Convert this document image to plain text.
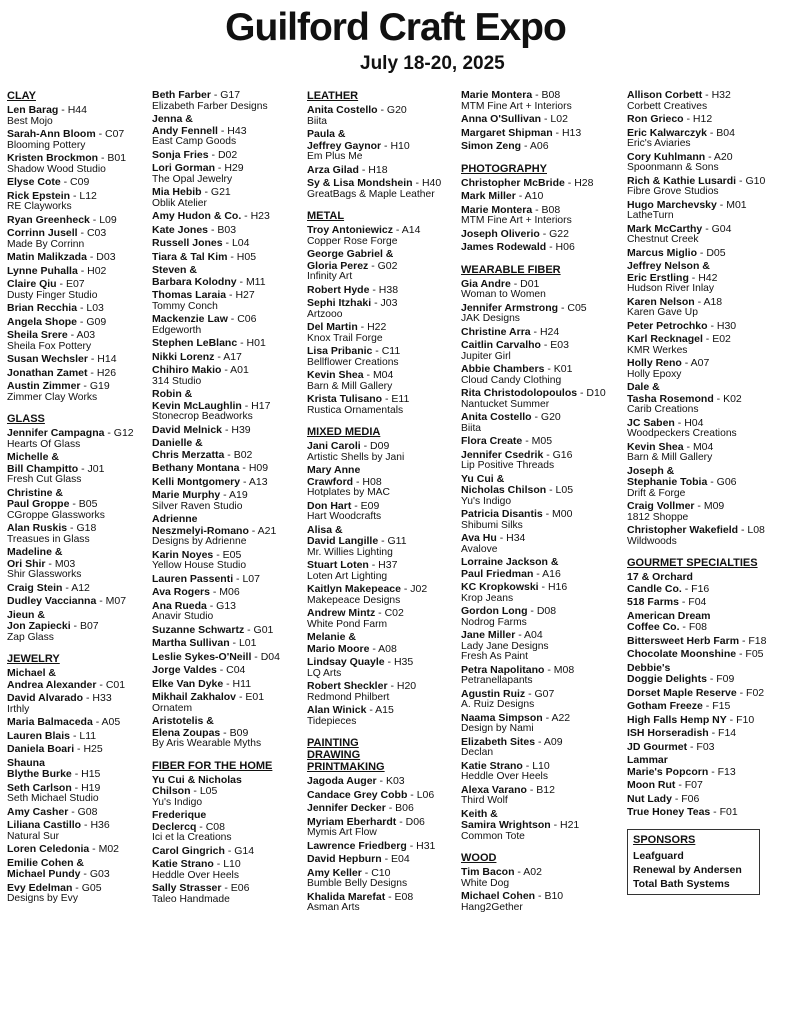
Guilford Craft Expo
July 18-20, 2025
CLAY
Len Barag - H44
Best Mojo
Sarah-Ann Bloom - C07
Blooming Pottery
Kristen Brockmon - B01
Shadow Wood Studio
Elyse Cote - C09
Rick Epstein - L12
RE Clayworks
Ryan Greenheck - L09
Corrinn Jusell - C03
Made By Corrinn
Matin Malikzada - D03
Lynne Puhalla - H02
Claire Qiu - E07
Dusty Finger Studio
Brian Recchia - L03
Angela Shope - G09
Sheila Srere - A03
Sheila Fox Pottery
Susan Wechsler - H14
Jonathan Zamet - H26
Austin Zimmer - G19
Zimmer Clay Works
GLASS
Jennifer Campagna - G12
Hearts Of Glass
Michelle &
Bill Champitto - J01
Fresh Cut Glass
Christine &
Paul Groppe - B05
CGroppe Glassworks
Alan Ruskis - G18
Treasues in Glass
Madeline &
Ori Shir - M03
Shir Glassworks
Craig Stein - A12
Dudley Vaccianna - M07
Jieun &
Jon Zapiecki - B07
Zap Glass
JEWELRY
Michael &
Andrea Alexander - C01
David Alvarado - H33
Irthly
Maria Balmaceda - A05
Lauren Blais - L11
Daniela Boari - H25
Shauna
Blythe Burke - H15
Seth Carlson - H19
Seth Michael Studio
Amy Casher - G08
Liliana Castillo - H36
Natural Sur
Loren Celedonia - M02
Emilie Cohen &
Michael Pundy - G03
Evy Edelman - G05
Designs by Evy
Beth Farber - G17
Elizabeth Farber Designs
Jenna &
Andy Fennell - H43
East Camp Goods
Sonja Fries - D02
Lori Gorman - H29
The Opal Jewelry
Mia Hebib - G21
Oblik Atelier
Amy Hudon & Co. - H23
Kate Jones - B03
Russell Jones - L04
Tiara & Tal Kim - H05
Steven &
Barbara Kolodny - M11
Thomas Laraia - H27
Tommy Conch
Mackenzie Law - C06
Edgeworth
Stephen LeBlanc - H01
Nikki Lorenz - A17
Chihiro Makio - A01
314 Studio
Robin &
Kevin McLaughlin - H17
Stonecrop Beadworks
David Melnick - H39
Danielle &
Chris Merzatta - B02
Bethany Montana - H09
Kelli Montgomery - A13
Marie Murphy - A19
Silver Raven Studio
Adrienne
Neszmelyi-Romano - A21
Designs by Adrienne
Karin Noyes - E05
Yellow House Studio
Lauren Passenti - L07
Ava Rogers - M06
Ana Rueda - G13
Anavir Studio
Suzanne Schwartz - G01
Martha Sullivan - L01
Leslie Sykes-O'Neill - D04
Jorge Valdes - C04
Elke Van Dyke - H11
Mikhail Zakhalov - E01
Ornatem
Aristotelis &
Elena Zoupas - B09
By Aris Wearable Myths
FIBER FOR THE HOME
Yu Cui & Nicholas
Chilson - L05
Yu's Indigo
Frederique
Declercq - C08
Ici et la Creations
Carol Gingrich - G14
Katie Strano - L10
Heddle Over Heels
Sally Strasser - E06
Taleo Handmade
LEATHER
Anita Costello - G20
Biita
Paula &
Jeffrey Gaynor - H10
Em Plus Me
Arza Gilad - H18
Sy & Lisa Mondshein - H40
GreatBags & Maple Leather
METAL
Troy Antoniewicz - A14
Copper Rose Forge
George Gabriel &
Gloria Perez - G02
Infinity Art
Robert Hyde - H38
Sephi Itzhaki - J03
Artzooo
Del Martin - H22
Knox Trail Forge
Lisa Pribanic - C11
Bellflower Creations
Kevin Shea - M04
Barn & Mill Gallery
Krista Tulisano - E11
Rustica Ornamentals
MIXED MEDIA
Jani Caroli - D09
Artistic Shells by Jani
Mary Anne
Crawford - H08
Hotplates by MAC
Don Hart - E09
Hart Woodcrafts
Alisa &
David Langille - G11
Mr. Willies Lighting
Stuart Loten - H37
Loten Art Lighting
Kaitlyn Makepeace - J02
Makepeace Designs
Andrew Mintz - C02
White Pond Farm
Melanie &
Mario Moore - A08
Lindsay Quayle - H35
LQ Arts
Robert Sheckler - H20
Redmond Philbert
Alan Winick - A15
Tidepieces
PAINTING
DRAWING
PRINTMAKING
Jagoda Auger - K03
Candace Grey Cobb - L06
Jennifer Decker - B06
Myriam Eberhardt - D06
Mymis Art Flow
Lawrence Friedberg - H31
David Hepburn - E04
Amy Keller - C10
Bumble Belly Designs
Khalida Marefat - E08
Asman Arts
Marie Montera - B08
MTM Fine Art + Interiors
Anna O'Sullivan - L02
Margaret Shipman - H13
Simon Zeng - A06
PHOTOGRAPHY
Christopher McBride - H28
Mark Miller - A10
Marie Montera - B08
MTM Fine Art + Interiors
Joseph Oliverio - G22
James Rodewald - H06
WEARABLE FIBER
Gia Andre - D01
Woman to Women
Jennifer Armstrong - C05
JAK Designs
Christine Arra - H24
Caitlin Carvalho - E03
Jupiter Girl
Abbie Chambers - K01
Cloud Candy Clothing
Rita Christodolopoulos - D10
Nantucket Summer
Anita Costello - G20
Biita
Flora Create - M05
Jennifer Csedrik - G16
Lip Positive Threads
Yu Cui &
Nicholas Chilson - L05
Yu's Indigo
Patricia Disantis - M00
Shibumi Silks
Ava Hu - H34
Avalove
Lorraine Jackson &
Paul Friedman - A16
KC Kropkowski - H16
Krop Jeans
Gordon Long - D08
Nodrog Farms
Jane Miller - A04
Lady Jane Designs
Fresh As Paint
Petra Napolitano - M08
Petranellapants
Agustin Ruiz - G07
A. Ruiz Designs
Naama Simpson - A22
Design by Nami
Elizabeth Sites - A09
Declan
Katie Strano - L10
Heddle Over Heels
Alexa Varano - B12
Third Wolf
Keith &
Samira Wrightson - H21
Common Tote
WOOD
Tim Bacon - A02
White Dog
Michael Cohen - B10
Hang2Gether
Allison Corbett - H32
Corbett Creatives
Ron Grieco - H12
Eric Kalwarczyk - B04
Eric's Aviaries
Cory Kuhlmann - A20
Spoonmann & Sons
Rich & Kathie Lusardi - G10
Fibre Grove Studios
Hugo Marchevsky - M01
LatheTurn
Mark McCarthy - G04
Chestnut Creek
Marcus Miglio - D05
Jeffrey Nelson &
Eric Erstling - H42
Hudson River Inlay
Karen Nelson - A18
Karen Gave Up
Peter Petrochko - H30
Karl Recknagel - E02
KMR Werkes
Holly Reno - A07
Holly Epoxy
Dale &
Tasha Rosemond - K02
Carib Creations
JC Saben - H04
Woodpeckers Creations
Kevin Shea - M04
Barn & Mill Gallery
Joseph &
Stephanie Tobia - G06
Drift & Forge
Craig Vollmer - M09
1812 Shoppe
Christopher Wakefield - L08
Wildwoods
GOURMET SPECIALTIES
17 & Orchard
Candle Co. - F16
518 Farms - F04
American Dream
Coffee Co. - F08
Bittersweet Herb Farm - F18
Chocolate Moonshine - F05
Debbie's
Doggie Delights - F09
Dorset Maple Reserve - F02
Gotham Freeze - F15
High Falls Hemp NY - F10
ISH Horseradish - F14
JD Gourmet - F03
Lammar
Marie's Popcorn - F13
Moon Rut - F07
Nut Lady - F06
True Honey Teas - F01
SPONSORS
Leafguard
Renewal by Andersen
Total Bath Systems
